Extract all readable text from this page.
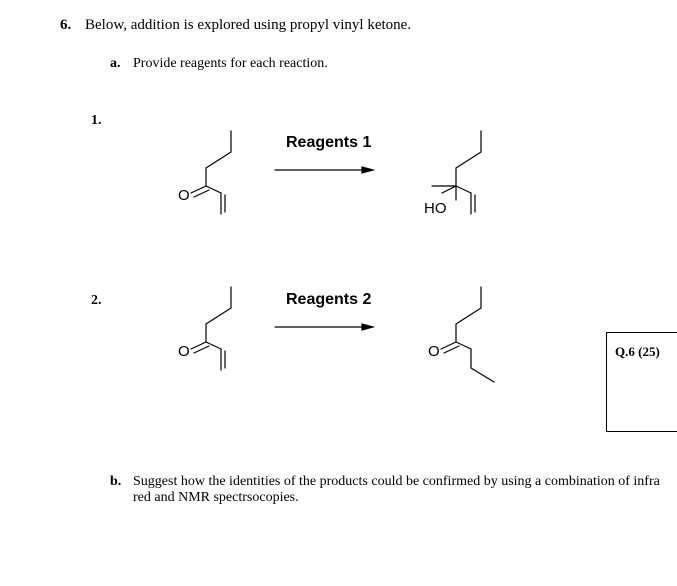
6. Below, addition is explored using propyl vinyl ketone.
a. Provide reagents for each reaction.
1.
2.
Reagents 1
Reagents 2
O
HO
O	O	Q.6 (25)
b. Suggest how the identities of the products could be confirmed by using a combination of infra red and NMR spectrsocopies.
